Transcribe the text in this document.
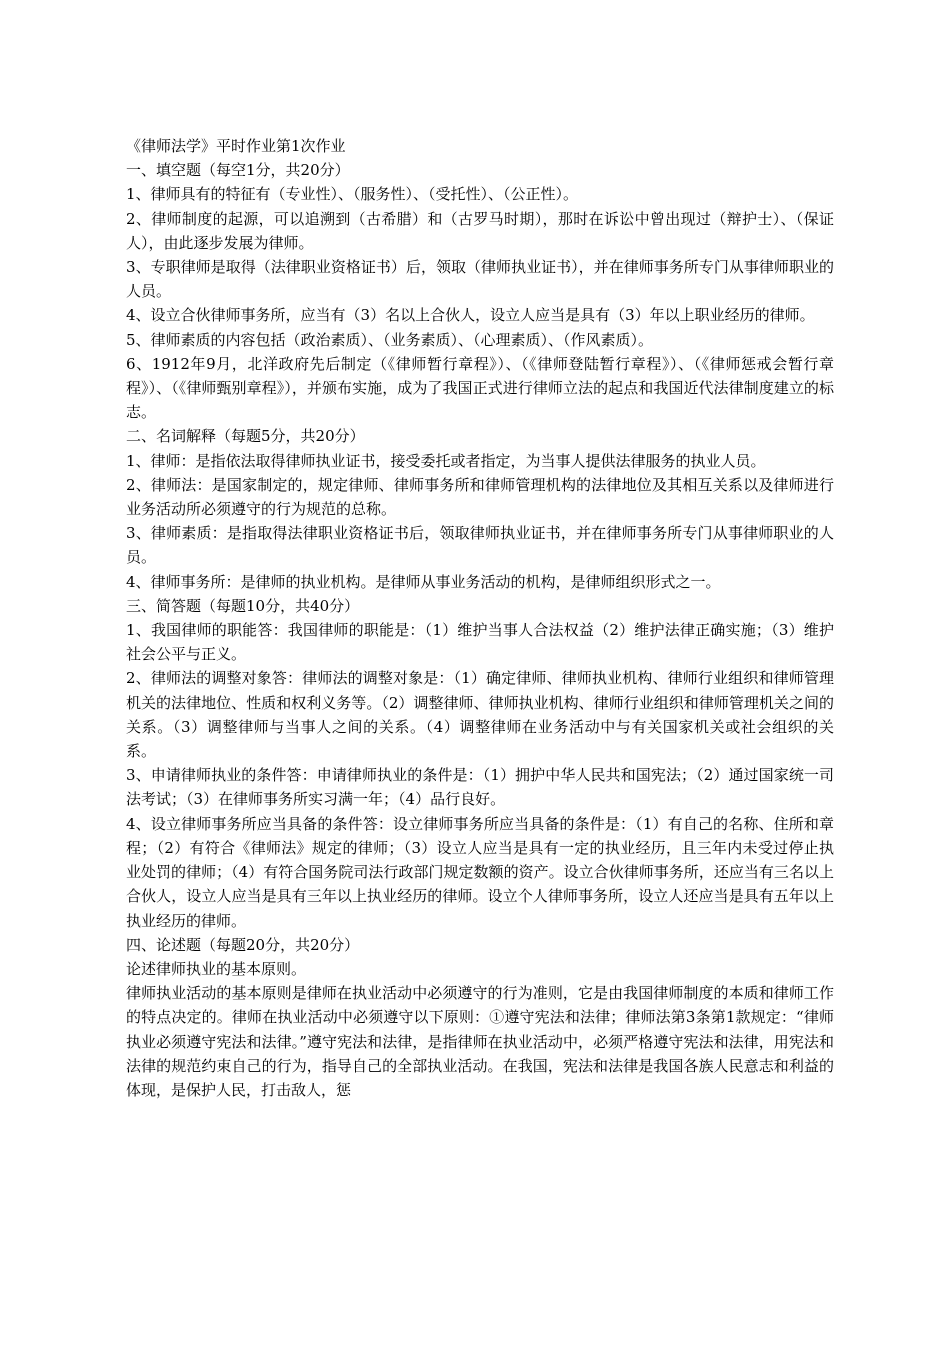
《律师法学》平时作业第1次作业

一、填空题（每空1分，共20分）

1、律师具有的特征有（专业性）、（服务性）、（受托性）、（公正性）。

2、律师制度的起源，可以追溯到（古希腊）和（古罗马时期），那时在诉讼中曾出现过（辩护士）、（保证人），由此逐步发展为律师。

3、专职律师是取得（法律职业资格证书）后，领取（律师执业证书），并在律师事务所专门从事律师职业的人员。

4、设立合伙律师事务所，应当有（3）名以上合伙人，设立人应当是具有（3）年以上职业经历的律师。

5、律师素质的内容包括（政治素质）、（业务素质）、（心理素质）、（作风素质）。

6、1912年9月，北洋政府先后制定（《律师暂行章程》）、（《律师登陆暂行章程》）、（《律师惩戒会暂行章程》）、（《律师甄别章程》），并颁布实施，成为了我国正式进行律师立法的起点和我国近代法律制度建立的标志。

二、名词解释（每题5分，共20分）

1、律师：是指依法取得律师执业证书，接受委托或者指定，为当事人提供法律服务的执业人员。

2、律师法：是国家制定的，规定律师、律师事务所和律师管理机构的法律地位及其相互关系以及律师进行业务活动所必须遵守的行为规范的总称。

3、律师素质：是指取得法律职业资格证书后，领取律师执业证书，并在律师事务所专门从事律师职业的人员。

4、律师事务所：是律师的执业机构。是律师从事业务活动的机构，是律师组织形式之一。

三、简答题（每题10分，共40分）

1、我国律师的职能答：我国律师的职能是：（1）维护当事人合法权益（2）维护法律正确实施；（3）维护社会公平与正义。

2、律师法的调整对象答：律师法的调整对象是：（1）确定律师、律师执业机构、律师行业组织和律师管理机关的法律地位、性质和权利义务等。（2）调整律师、律师执业机构、律师行业组织和律师管理机关之间的关系。（3）调整律师与当事人之间的关系。（4）调整律师在业务活动中与有关国家机关或社会组织的关系。

3、申请律师执业的条件答：申请律师执业的条件是：（1）拥护中华人民共和国宪法；（2）通过国家统一司法考试；（3）在律师事务所实习满一年；（4）品行良好。

4、设立律师事务所应当具备的条件答：设立律师事务所应当具备的条件是：（1）有自己的名称、住所和章程；（2）有符合《律师法》规定的律师；（3）设立人应当是具有一定的执业经历，且三年内未受过停止执业处罚的律师；（4）有符合国务院司法行政部门规定数额的资产。设立合伙律师事务所，还应当有三名以上合伙人，设立人应当是具有三年以上执业经历的律师。设立个人律师事务所，设立人还应当是具有五年以上执业经历的律师。

四、论述题（每题20分，共20分）

论述律师执业的基本原则。

律师执业活动的基本原则是律师在执业活动中必须遵守的行为准则，它是由我国律师制度的本质和律师工作的特点决定的。律师在执业活动中必须遵守以下原则：①遵守宪法和法律；律师法第3条第1款规定：“律师执业必须遵守宪法和法律。”遵守宪法和法律，是指律师在执业活动中，必须严格遵守宪法和法律，用宪法和法律的规范约束自己的行为，指导自己的全部执业活动。在我国，宪法和法律是我国各族人民意志和利益的体现，是保护人民，打击敌人，惩
